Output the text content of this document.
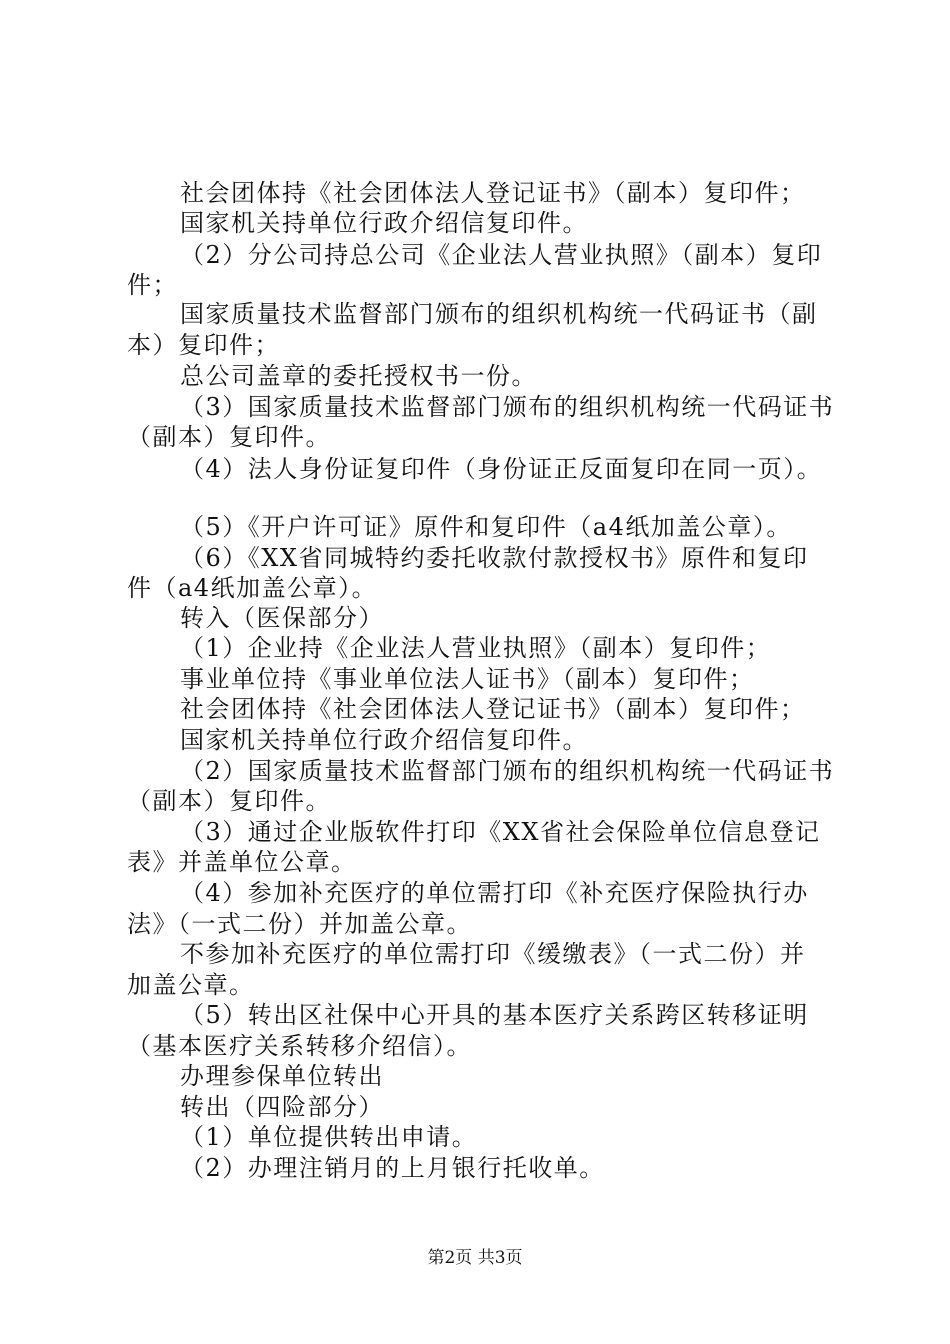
社会团体持《社会团体法人登记证书》（副本）复印件；
国家机关持单位行政介绍信复印件。
（2）分公司持总公司《企业法人营业执照》（副本）复印
件；
国家质量技术监督部门颁布的组织机构统一代码证书（副
本）复印件；
总公司盖章的委托授权书一份。
（3）国家质量技术监督部门颁布的组织机构统一代码证书
（副本）复印件。
（4）法人身份证复印件（身份证正反面复印在同一页）。
（5）《开户许可证》原件和复印件（a4纸加盖公章）。
（6）《XX省同城特约委托收款付款授权书》原件和复印
件（a4纸加盖公章）。
转入（医保部分）
（1）企业持《企业法人营业执照》（副本）复印件；
事业单位持《事业单位法人证书》（副本）复印件；
社会团体持《社会团体法人登记证书》（副本）复印件；
国家机关持单位行政介绍信复印件。
（2）国家质量技术监督部门颁布的组织机构统一代码证书
（副本）复印件。
（3）通过企业版软件打印《XX省社会保险单位信息登记
表》并盖单位公章。
（4）参加补充医疗的单位需打印《补充医疗保险执行办
法》（一式二份）并加盖公章。
不参加补充医疗的单位需打印《缓缴表》（一式二份）并
加盖公章。
（5）转出区社保中心开具的基本医疗关系跨区转移证明
（基本医疗关系转移介绍信）。
办理参保单位转出
转出（四险部分）
（1）单位提供转出申请。
（2）办理注销月的上月银行托收单。
第2页 共3页
